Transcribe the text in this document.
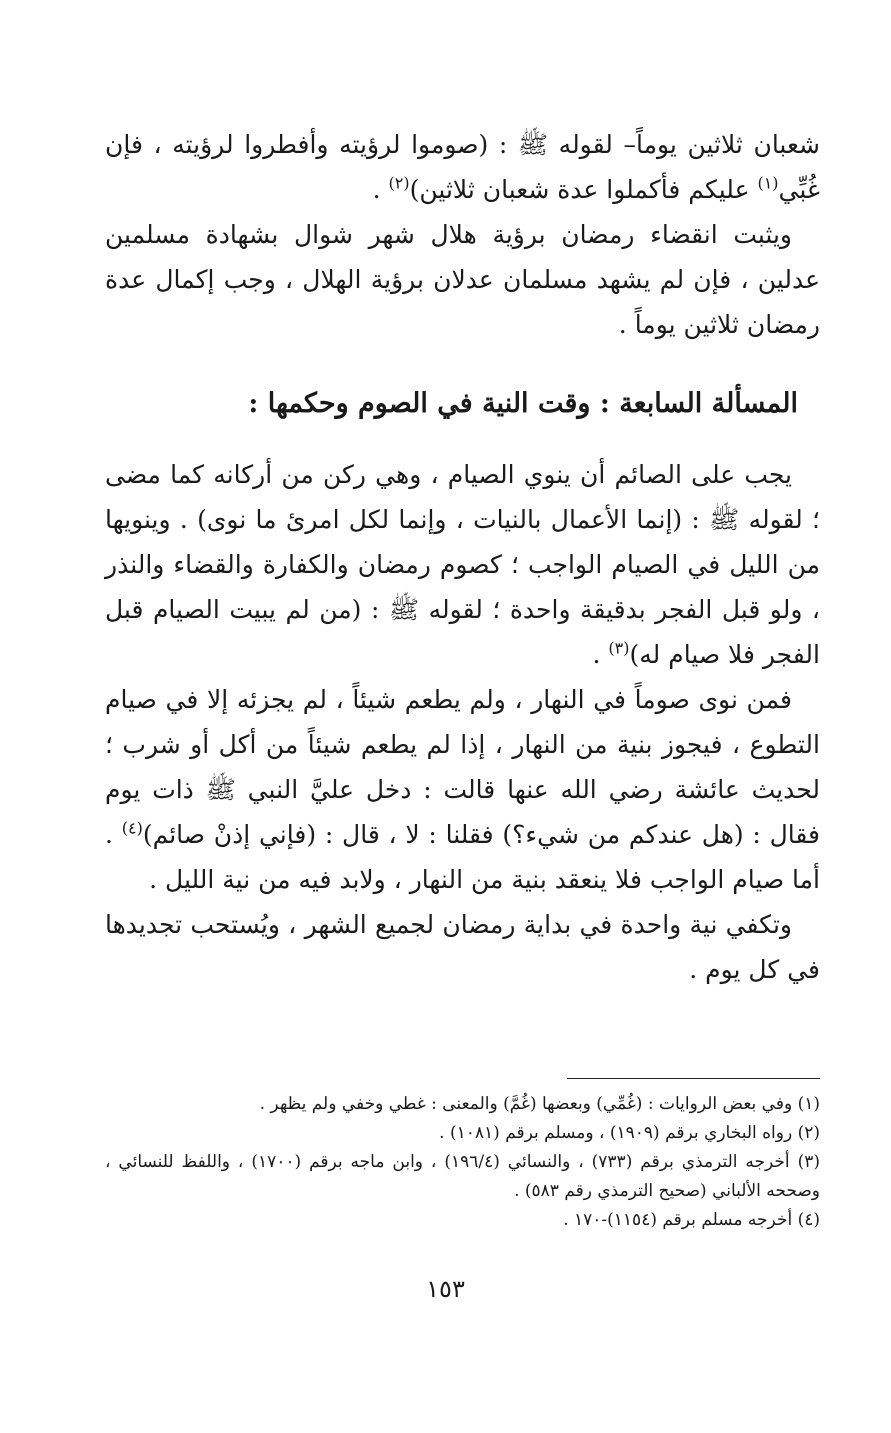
شعبان ثلاثين يوماً– لقوله ﷺ : (صوموا لرؤيته وأفطروا لرؤيته ، فإن غُبِّي$^{(١)}$ عليكم فأكملوا عدة شعبان ثلاثين)$^{(٢)}$ .

ويثبت انقضاء رمضان برؤية هلال شهر شوال بشهادة مسلمين عدلين ، فإن لم يشهد مسلمان عدلان برؤية الهلال ، وجب إكمال عدة رمضان ثلاثين يوماً .

المسألة السابعة : وقت النية في الصوم وحكمها :

يجب على الصائم أن ينوي الصيام ، وهي ركن من أركانه كما مضى ؛ لقوله ﷺ : (إنما الأعمال بالنيات ، وإنما لكل امرئ ما نوى) . وينويها من الليل في الصيام الواجب ؛ كصوم رمضان والكفارة والقضاء والنذر ، ولو قبل الفجر بدقيقة واحدة ؛ لقوله ﷺ : (من لم يبيت الصيام قبل الفجر فلا صيام له)$^{(٣)}$ .

فمن نوى صوماً في النهار ، ولم يطعم شيئاً ، لم يجزئه إلا في صيام التطوع ، فيجوز بنية من النهار ، إذا لم يطعم شيئاً من أكل أو شرب ؛ لحديث عائشة رضي الله عنها قالت : دخل عليَّ النبي ﷺ ذات يوم فقال : (هل عندكم من شيء؟) فقلنا : لا ، قال : (فإني إذنْ صائم)$^{(٤)}$ . أما صيام الواجب فلا ينعقد بنية من النهار ، ولابد فيه من نية الليل .

وتكفي نية واحدة في بداية رمضان لجميع الشهر ، ويُستحب تجديدها في كل يوم .

(١) وفي بعض الروايات : (غُمِّي) وبعضها (غُمَّ) والمعنى : غطي وخفي ولم يظهر .

(٢) رواه البخاري برقم (١٩٠٩) ، ومسلم برقم (١٠٨١) .

(٣) أخرجه الترمذي برقم (٧٣٣) ، والنسائي (١٩٦/٤) ، وابن ماجه برقم (١٧٠٠) ، واللفظ للنسائي ، وصححه الألباني (صحيح الترمذي رقم ٥٨٣) .

(٤) أخرجه مسلم برقم (١١٥٤)-١٧٠ .

١٥٣
